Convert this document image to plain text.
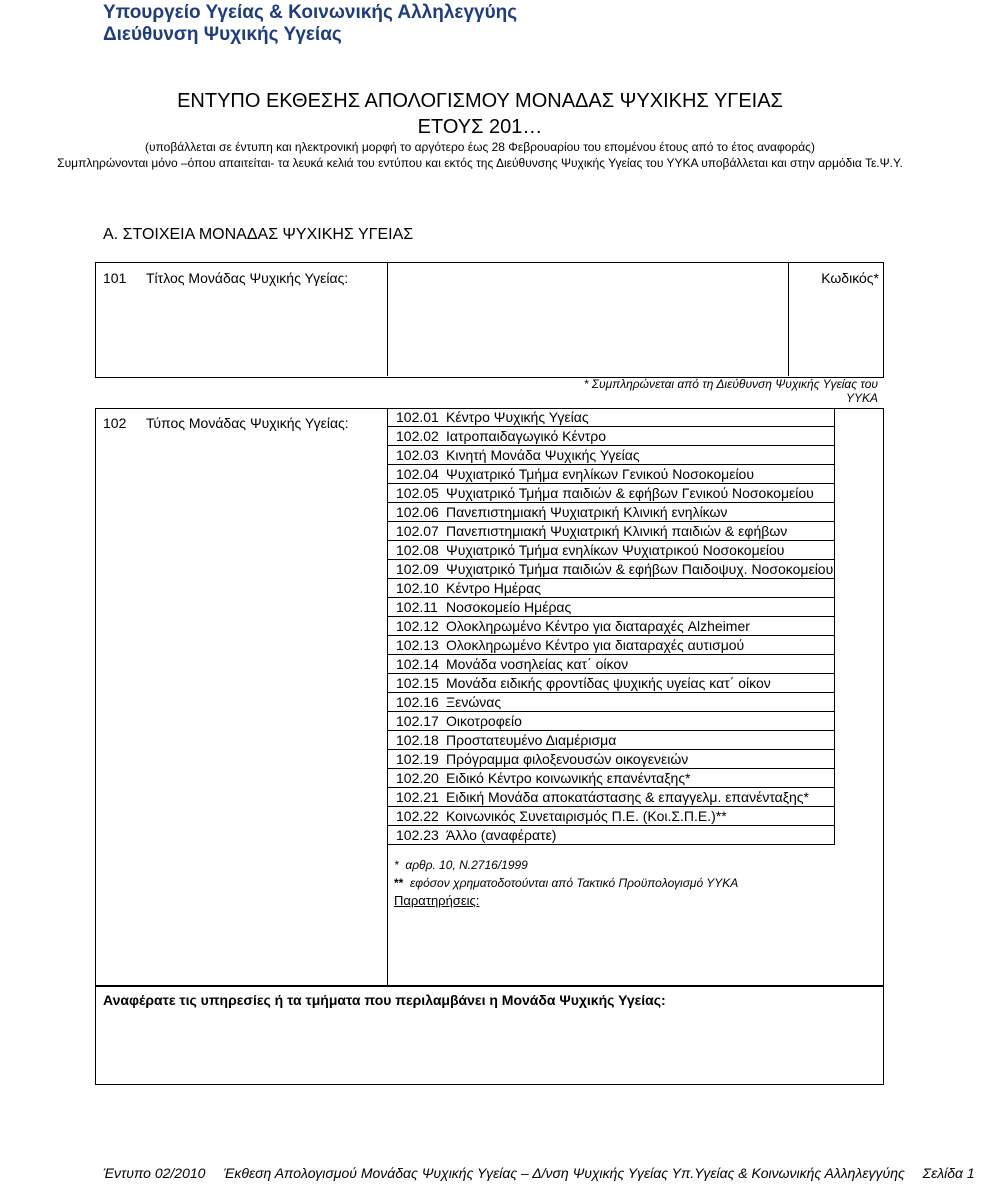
Υπουργείο Υγείας & Κοινωνικής Αλληλεγγύης
Διεύθυνση Ψυχικής Υγείας
ΕΝΤΥΠΟ ΕΚΘΕΣΗΣ ΑΠΟΛΟΓΙΣΜΟΥ ΜΟΝΑΔΑΣ ΨΥΧΙΚΗΣ ΥΓΕΙΑΣ
ΕΤΟΥΣ 201…
(υποβάλλεται σε έντυπη και ηλεκτρονική μορφή το αργότερο έως 28 Φεβρουαρίου του επομένου έτους από το έτος αναφοράς)
Συμπληρώνονται μόνο –όπου απαιτείται- τα λευκά κελιά του εντύπου και εκτός της Διεύθυνσης Ψυχικής Υγείας του ΥΥΚΑ υποβάλλεται και στην αρμόδια Τε.Ψ.Υ.
Α. ΣΤΟΙΧΕΙΑ ΜΟΝΑΔΑΣ ΨΥΧΙΚΗΣ ΥΓΕΙΑΣ
101 Τίτλος Μονάδας Ψυχικής Υγείας:	Κωδικός*
* Συμπληρώνεται από τη Διεύθυνση Ψυχικής Υγείας του ΥΥΚΑ
102 Τύπος Μονάδας Ψυχικής Υγείας:	102.01 Κέντρο Ψυχικής Υγείας
102.02 Ιατροπαιδαγωγικό Κέντρο
102.03 Κινητή Μονάδα Ψυχικής Υγείας
102.04 Ψυχιατρικό Τμήμα ενηλίκων Γενικού Νοσοκομείου
102.05 Ψυχιατρικό Τμήμα παιδιών & εφήβων Γενικού Νοσοκομείου
102.06 Πανεπιστημιακή Ψυχιατρική Κλινική ενηλίκων
102.07 Πανεπιστημιακή Ψυχιατρική Κλινική παιδιών & εφήβων
102.08 Ψυχιατρικό Τμήμα ενηλίκων Ψυχιατρικού Νοσοκομείου
102.09 Ψυχιατρικό Τμήμα παιδιών & εφήβων Παιδοψυχ. Νοσοκομείου
102.10 Κέντρο Ημέρας
102.11 Νοσοκομείο Ημέρας
102.12 Ολοκληρωμένο Κέντρο για διαταραχές Alzheimer
102.13 Ολοκληρωμένο Κέντρο για διαταραχές αυτισμού
102.14 Μονάδα νοσηλείας κατ΄ οίκον
102.15 Μονάδα ειδικής φροντίδας ψυχικής υγείας κατ΄ οίκον
102.16 Ξενώνας
102.17 Οικοτροφείο
102.18 Προστατευμένο Διαμέρισμα
102.19 Πρόγραμμα φιλοξενουσών οικογενειών
102.20 Ειδικό Κέντρο κοινωνικής επανένταξης*
102.21 Ειδική Μονάδα αποκατάστασης & επαγγελμ. επανένταξης*
102.22 Κοινωνικός Συνεταιρισμός Π.Ε. (Κοι.Σ.Π.Ε.)**
102.23 Άλλο (αναφέρατε)
* αρθρ. 10, Ν.2716/1999
** εφόσον χρηματοδοτούνται από Τακτικό Προϋπολογισμό ΥΥΚΑ
Παρατηρήσεις:
Αναφέρατε τις υπηρεσίες ή τα τμήματα που περιλαμβάνει η Μονάδα Ψυχικής Υγείας:
Έντυπο 02/2010 Έκθεση Απολογισμού Μονάδας Ψυχικής Υγείας – Δ/νση Ψυχικής Υγείας Υπ.Υγείας & Κοινωνικής Αλληλεγγύης Σελίδα 1
